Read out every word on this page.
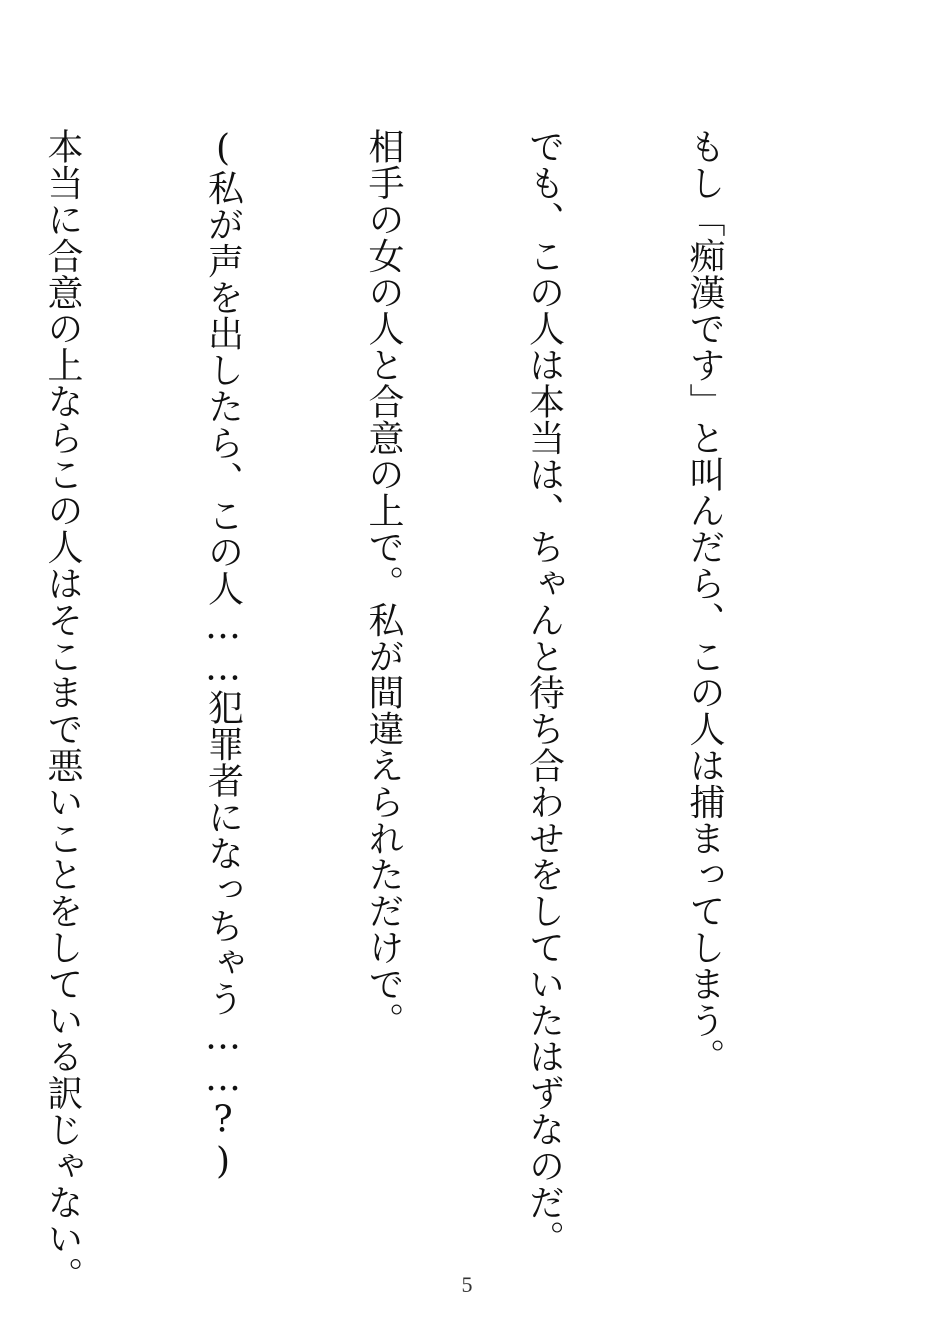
もし「痴漢です」と叫んだら、この人は捕まってしまう。

でも、この人は本当は、ちゃんと待ち合わせをしていたはずなのだ。

相手の女の人と合意の上で。私が間違えられただけで。

(私が声を出したら、この人……犯罪者になっちゃう……?)

本当に合意の上ならこの人はそこまで悪いことをしている訳じゃない。

	5
